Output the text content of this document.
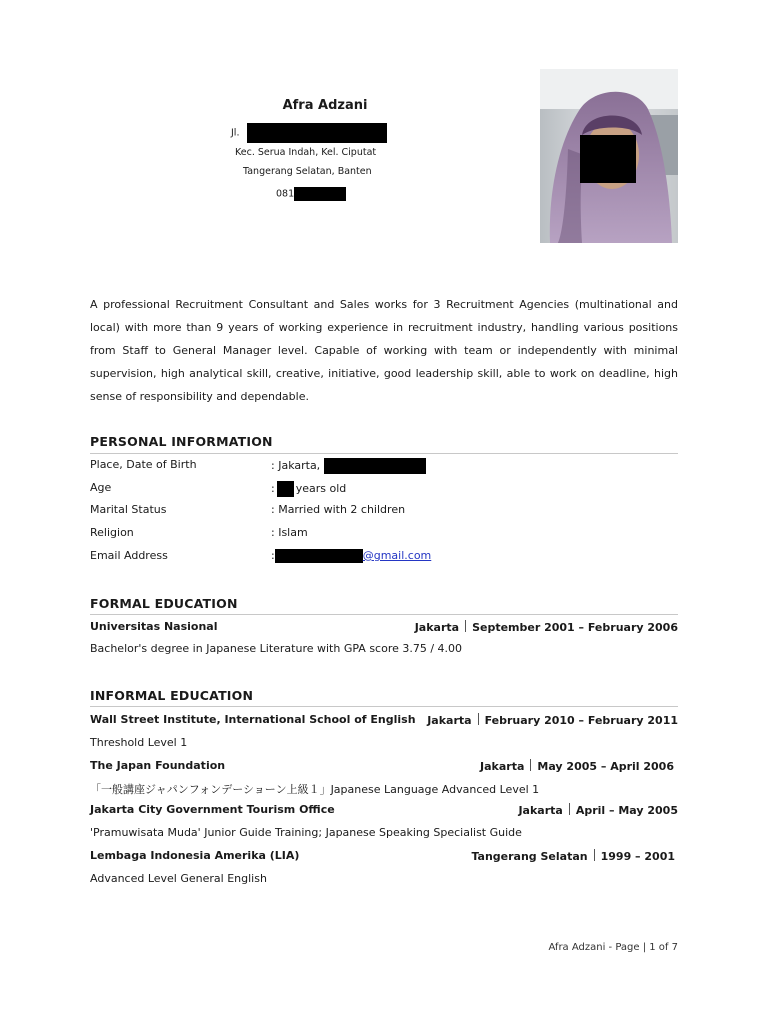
Afra Adzani
Jl.
Kec. Serua Indah, Kel. Ciputat
Tangerang Selatan, Banten
081
A professional Recruitment Consultant and Sales works for 3 Recruitment Agencies (multinational and local) with more than 9 years of working experience in recruitment industry, handling various positions from Staff to General Manager level. Capable of working with team or independently with minimal supervision, high analytical skill, creative, initiative, good leadership skill, able to work on deadline, high sense of responsibility and dependable.
PERSONAL INFORMATION
Place, Date of Birth	: Jakarta,
Age	: years old
Marital Status	: Married with 2 children
Religion	: Islam
Email Address	:	@gmail.com
FORMAL EDUCATION
Universitas Nasional	Jakarta September 2001 – February 2006
Bachelor's degree in Japanese Literature with GPA score 3.75 / 4.00
INFORMAL EDUCATION
Wall Street Institute, International School of English Jakarta February 2010 – February 2011
Threshold Level 1
The Japan Foundation	Jakarta May 2005 – April 2006
「一般講座ジャパンフォンデーショーン上級１」Japanese Language Advanced Level 1
Jakarta City Government Tourism Office	Jakarta April – May 2005
'Pramuwisata Muda' Junior Guide Training; Japanese Speaking Specialist Guide
Lembaga Indonesia Amerika (LIA)	Tangerang Selatan 1999 – 2001
Advanced Level General English
Afra Adzani - Page | 1 of 7
